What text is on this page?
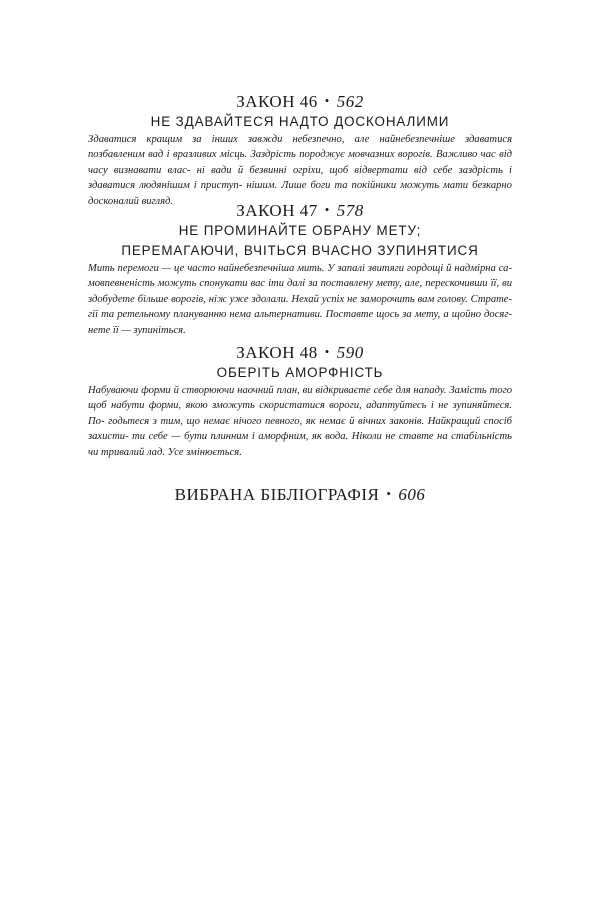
ЗАКОН 46 • 562
НЕ ЗДАВАЙТЕСЯ НАДТО ДОСКОНАЛИМИ

Здаватися кращим за інших завжди небезпечно, але найнебезпечніше здаватися позбавленим вад і вразливих місць. Заздрість породжує мовчазних ворогів. Важливо час від часу визнавати влас- ні вади й безвинні огріхи, щоб відвертати від себе заздрість і здаватися людянішим і приступ- нішим. Лише боги та покійники можуть мати безкарно досконалий вигляд.	ЗАКОН 47 • 578
НЕ ПРОМИНАЙТЕ ОБРАНУ МЕТУ;
ПЕРЕМАГАЮЧИ, ВЧІТЬСЯ ВЧАСНО ЗУПИНЯТИСЯ

Мить перемоги — це часто найнебезпечніша мить. У запалі звитяги гордощі й надмірна са- мовпевненість можуть спонукати вас іти далі за поставлену мету, але, перескочивши її, ви здобудете більше ворогів, ніж уже здолали. Нехай успіх не заморочить вам голову. Страте- гії та ретельному плануванню нема альтернативи. Поставте щось за мету, а щойно досяг- нете її — зупиніться.

ЗАКОН 48 • 590
ОБЕРІТЬ АМОРФНІСТЬ

Набуваючи форми й створюючи наочний план, ви відкриваєте себе для нападу. Замість того щоб набути форми, якою зможуть скористатися вороги, адаптуйтесь і не зупиняйтеся. По- годьтеся з тим, що немає нічого певного, як немає й вічних законів. Найкращий спосіб захисти- ти себе — бути плинним і аморфним, як вода. Ніколи не ставте на стабільність чи тривалий лад. Усе змінюється.

ВИБРАНА БІБЛІОГРАФІЯ • 606
